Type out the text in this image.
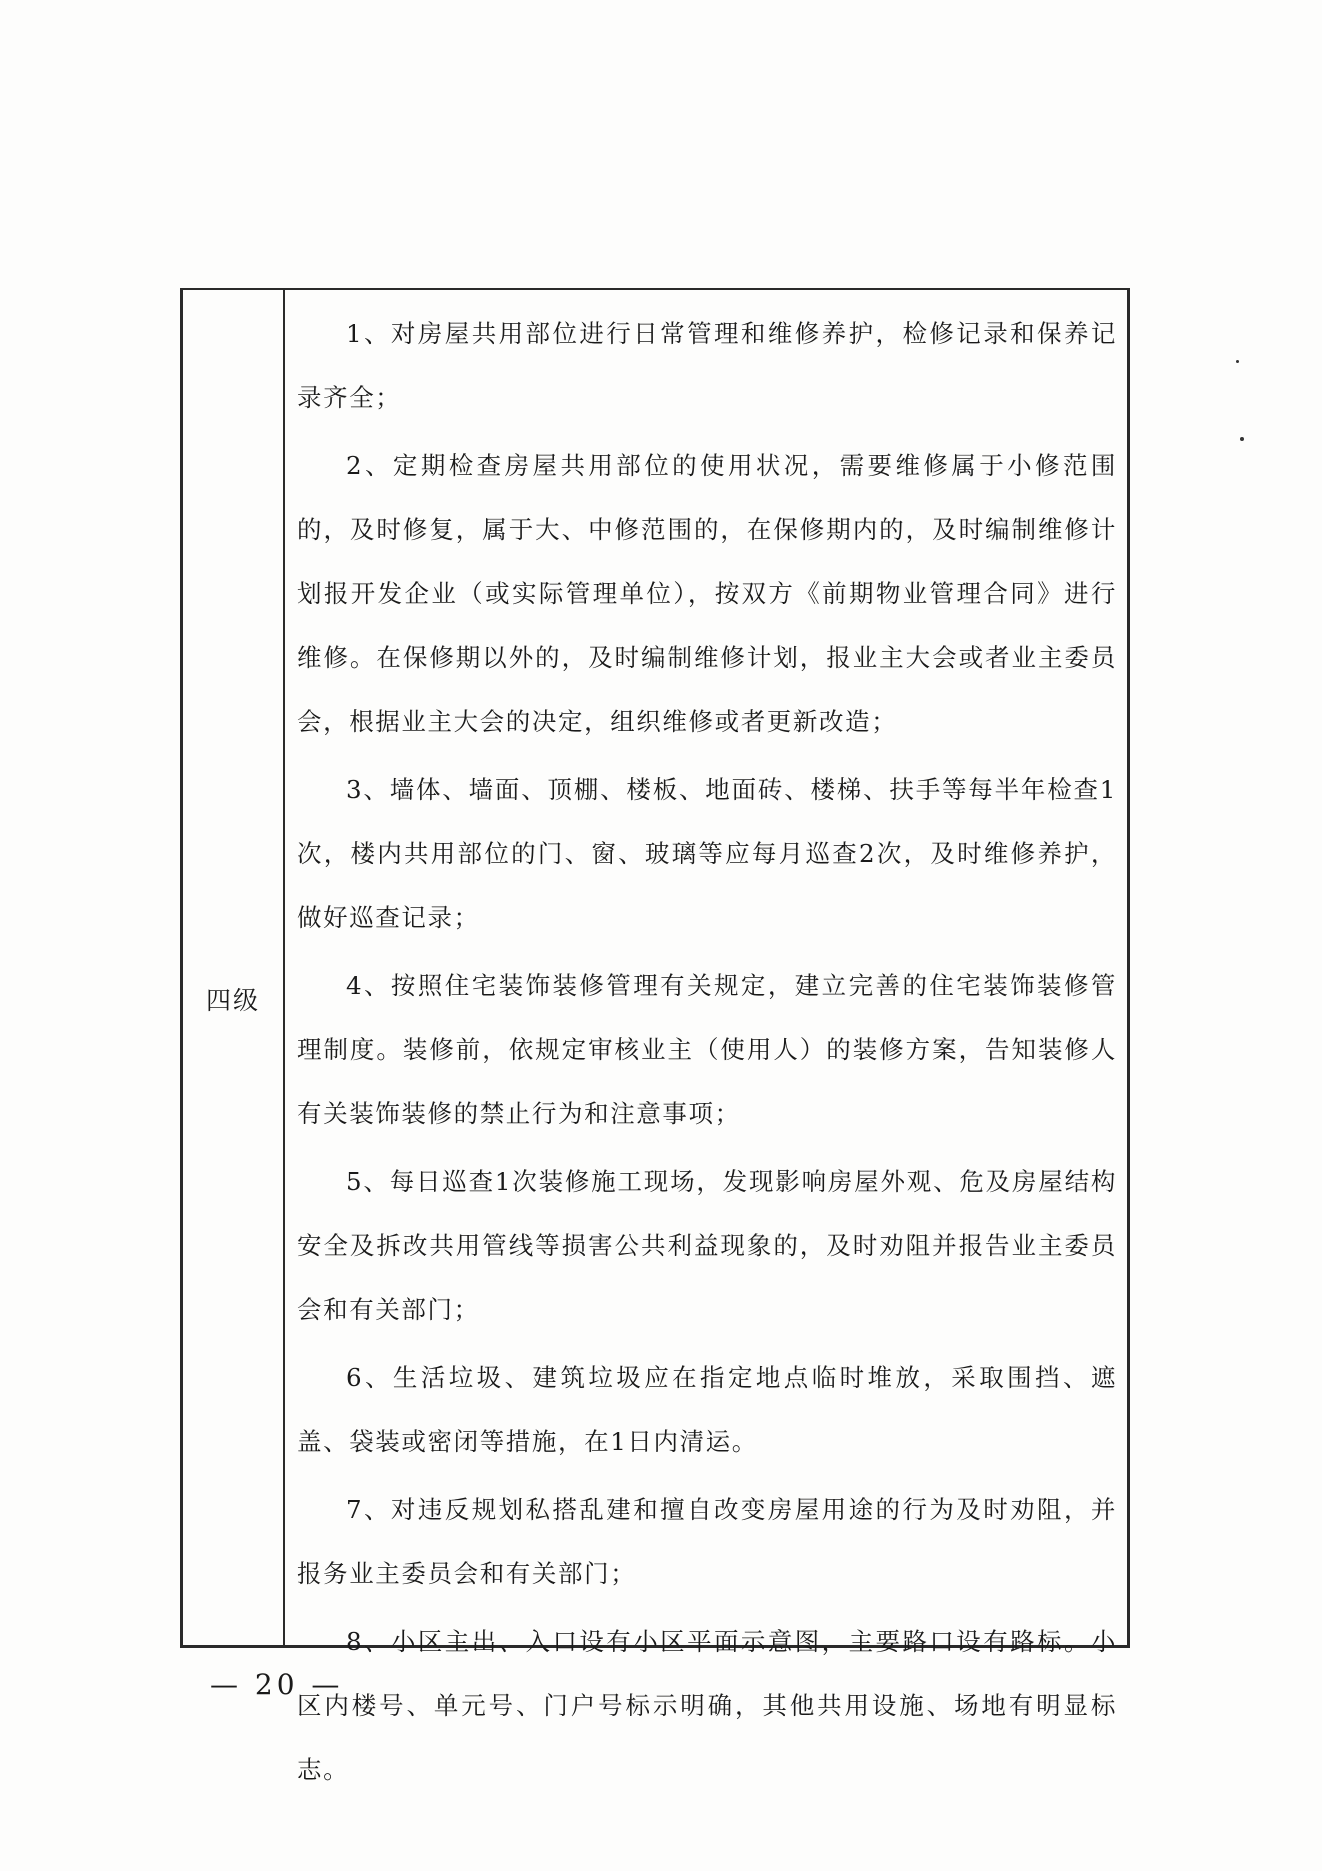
四级

1、对房屋共用部位进行日常管理和维修养护，检修记录和保养记录齐全；

2、定期检查房屋共用部位的使用状况，需要维修属于小修范围的，及时修复，属于大、中修范围的，在保修期内的，及时编制维修计划报开发企业（或实际管理单位），按双方《前期物业管理合同》进行维修。在保修期以外的，及时编制维修计划，报业主大会或者业主委员会，根据业主大会的决定，组织维修或者更新改造；

3、墙体、墙面、顶棚、楼板、地面砖、楼梯、扶手等每半年检查1次，楼内共用部位的门、窗、玻璃等应每月巡查2次，及时维修养护，做好巡查记录；

4、按照住宅装饰装修管理有关规定，建立完善的住宅装饰装修管理制度。装修前，依规定审核业主（使用人）的装修方案，告知装修人有关装饰装修的禁止行为和注意事项；

5、每日巡查1次装修施工现场，发现影响房屋外观、危及房屋结构安全及拆改共用管线等损害公共利益现象的，及时劝阻并报告业主委员会和有关部门；

6、生活垃圾、建筑垃圾应在指定地点临时堆放，采取围挡、遮盖、袋装或密闭等措施，在1日内清运。

7、对违反规划私搭乱建和擅自改变房屋用途的行为及时劝阻，并报务业主委员会和有关部门；

8、小区主出、入口设有小区平面示意图，主要路口设有路标。小区内楼号、单元号、门户号标示明确，其他共用设施、场地有明显标志。

— 20 —
